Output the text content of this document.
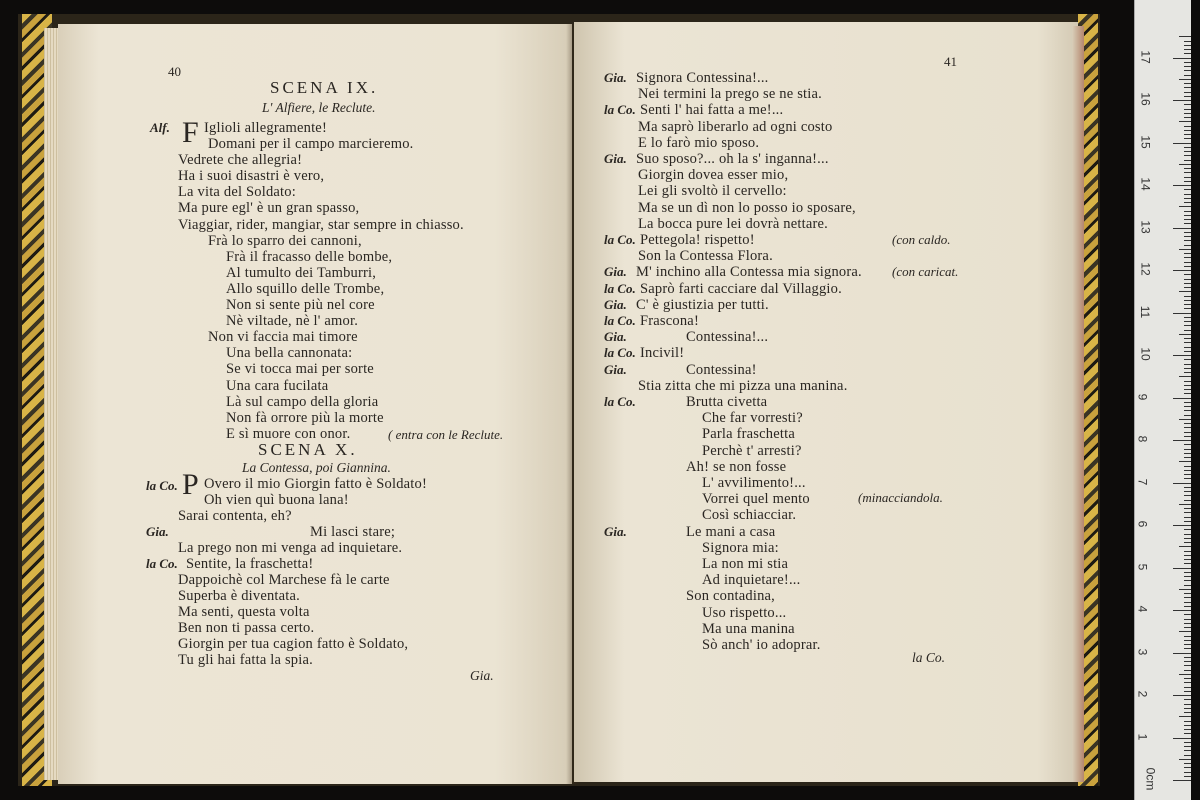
40
SCENA IX.
L' Alfiere, le Reclute.
Alf. F Iglioli allegramente!
Domani per il campo marcieremo.
Vedrete che allegria!
Ha i suoi disastri è vero,
La vita del Soldato:
Ma pure egl' è un gran spasso,
Viaggiar, rider, mangiar, star sempre in chiasso.
Frà lo sparro dei cannoni,
Frà il fracasso delle bombe,
Al tumulto dei Tamburri,
Allo squillo delle Trombe,
Non si sente più nel core
Nè viltade, nè l' amor.
Non vi faccia mai timore
Una bella cannonata:
Se vi tocca mai per sorte
Una cara fucilata
Là sul campo della gloria
Non fà orrore più la morte
E sì muore con onor.	( entra con le Reclute.
SCENA X.
La Contessa, poi Giannina.
la Co. P Overo il mio Giorgin fatto è Soldato!
Oh vien quì buona lana!
Sarai contenta, eh?
Gia.	Mi lasci stare;
La prego non mi venga ad inquietare.
la Co. Sentite, la fraschetta!
Dappoichè col Marchese fà le carte
Superba è diventata.
Ma senti, questa volta
Ben non ti passa certo.
Giorgin per tua cagion fatto è Soldato,
Tu gli hai fatta la spia.
Gia.
41
Gia. Signora Contessina!...
Nei termini la prego se ne stia.
la Co. Senti l' hai fatta a me!...
Ma saprò liberarlo ad ogni costo
E lo farò mio sposo.
Gia. Suo sposo?... oh la s' inganna!...
Giorgin dovea esser mio,
Lei gli svoltò il cervello:
Ma se un dì non lo posso io sposare,
La bocca pure lei dovrà nettare.
la Co. Pettegola! rispetto!
Son la Contessa Flora.
Gia. M' inchino alla Contessa mia signora.
la Co. Saprò farti cacciare dal Villaggio.
Gia. C' è giustizia per tutti.
la Co. Frascona!
Gia.	Contessina!...
la Co. Incivil!
Gia.	Contessina!
Stia zitta che mi pizza una manina.
la Co.	Brutta civetta
Che far vorresti?
Parla fraschetta
Perchè t' arresti?
Ah! se non fosse
L' avvilimento!...
Vorrei quel mento
Così schiacciar.
Gia.	Le mani a casa
Signora mia:
La non mi stia
Ad inquietare!...
Son contadina,
Uso rispetto...
Ma una manina
Sò anch' io adoprar.
(con caldo.
(con caricat.
(minacciandola.
la Co.
0cm
1
2
3
4
5
6
7
8
9
10
11
12
13
14
15
16
17
